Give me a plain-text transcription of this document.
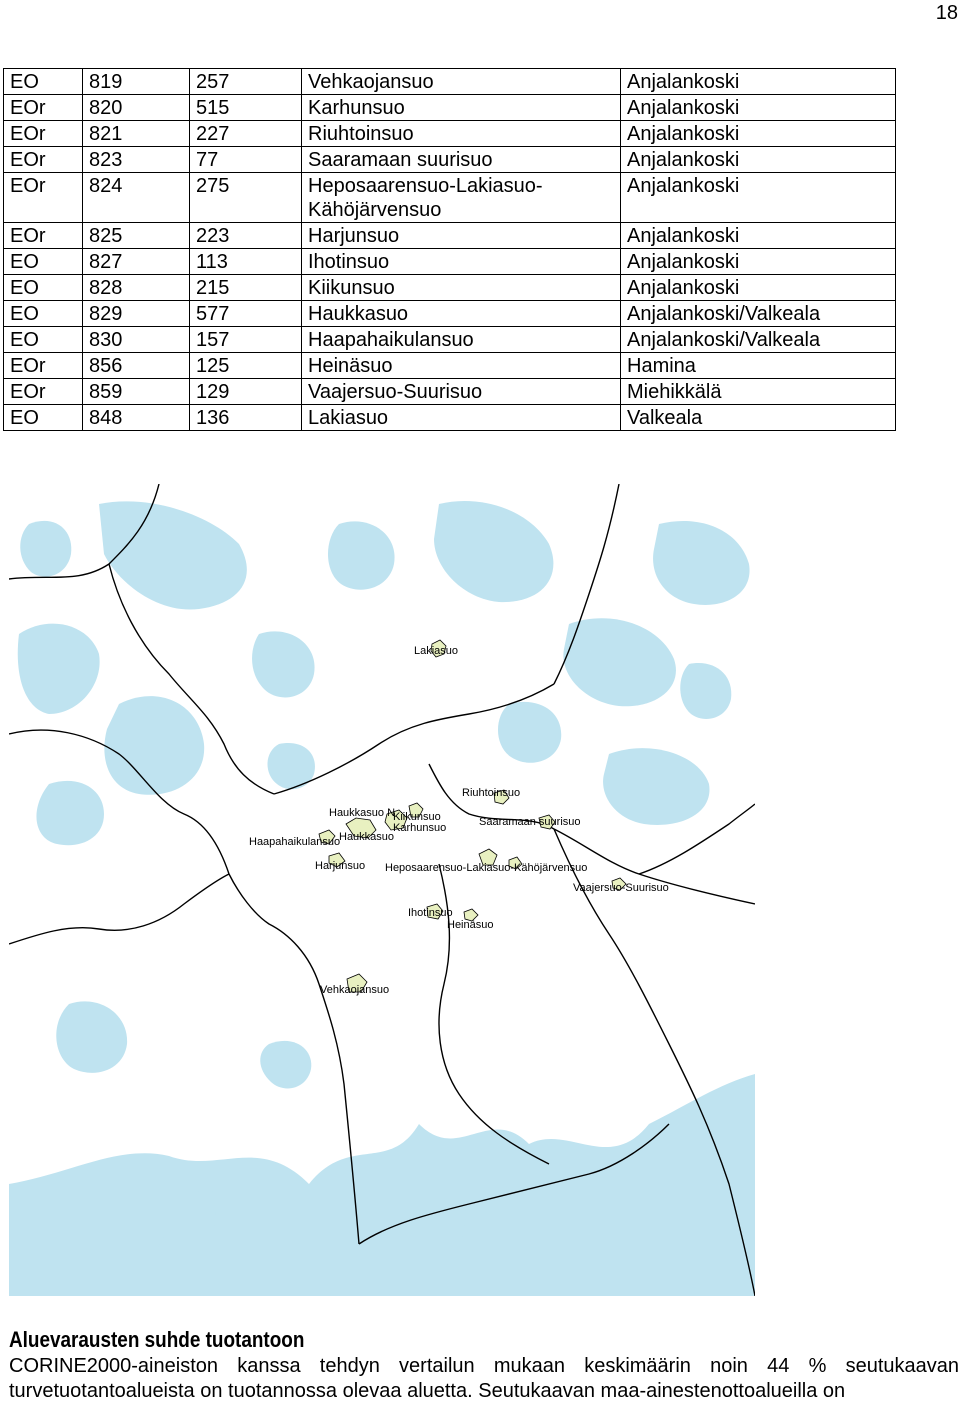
18
EO	819	257	Vehkaojansuo	Anjalankoski
EOr	820	515	Karhunsuo	Anjalankoski
EOr	821	227	Riuhtoinsuo	Anjalankoski
EOr	823	77	Saaramaan suurisuo	Anjalankoski
EOr	824	275	Heposaarensuo-Lakiasuo-Kähöjärvensuo	Anjalankoski
EOr	825	223	Harjunsuo	Anjalankoski
EO	827	113	Ihotinsuo	Anjalankoski
EO	828	215	Kiikunsuo	Anjalankoski
EO	829	577	Haukkasuo	Anjalankoski/Valkeala
EO	830	157	Haapahaikulansuo	Anjalankoski/Valkeala
EOr	856	125	Heinäsuo	Hamina
EOr	859	129	Vaajersuo-Suurisuo	Miehikkälä
EO	848	136	Lakiasuo	Valkeala
Lakiasuo
Riuhtoinsuo
Haukkasuo N
Kiikunsuo
Karhunsuo	Saaramaan suurisuo
Haapahaikulansuo
Haukkasuo
Harjunsuo Heposaarensuo-Lakiasuo-Kähöjärvensuo
Vaajersuo-Suurisuo
Ihotinsuo
Heinäsuo
Vehkaojansuo
Aluevarausten suhde tuotantoon
CORINE2000-aineiston kanssa tehdyn vertailun mukaan keskimäärin noin 44 % seutukaavan turvetuotantoalueista on tuotannossa olevaa aluetta. Seutukaavan maa-ainestenottoalueilla on
